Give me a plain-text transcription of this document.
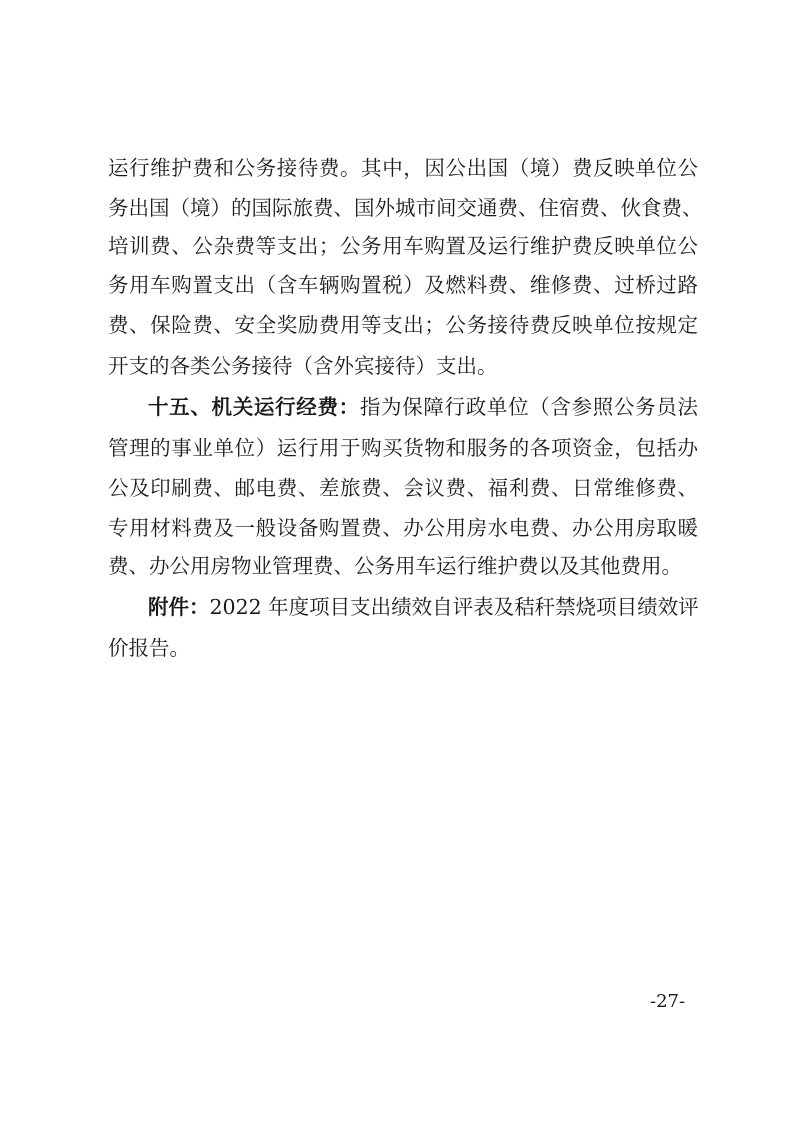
运行维护费和公务接待费。其中，因公出国（境）费反映单位公
务出国（境）的国际旅费、国外城市间交通费、住宿费、伙食费、
培训费、公杂费等支出；公务用车购置及运行维护费反映单位公
务用车购置支出（含车辆购置税）及燃料费、维修费、过桥过路
费、保险费、安全奖励费用等支出；公务接待费反映单位按规定
开支的各类公务接待（含外宾接待）支出。
十五、机关运行经费：指为保障行政单位（含参照公务员法
管理的事业单位）运行用于购买货物和服务的各项资金，包括办
公及印刷费、邮电费、差旅费、会议费、福利费、日常维修费、
专用材料费及一般设备购置费、办公用房水电费、办公用房取暖
费、办公用房物业管理费、公务用车运行维护费以及其他费用。
附件：2022 年度项目支出绩效自评表及秸秆禁烧项目绩效评
价报告。
-27-
